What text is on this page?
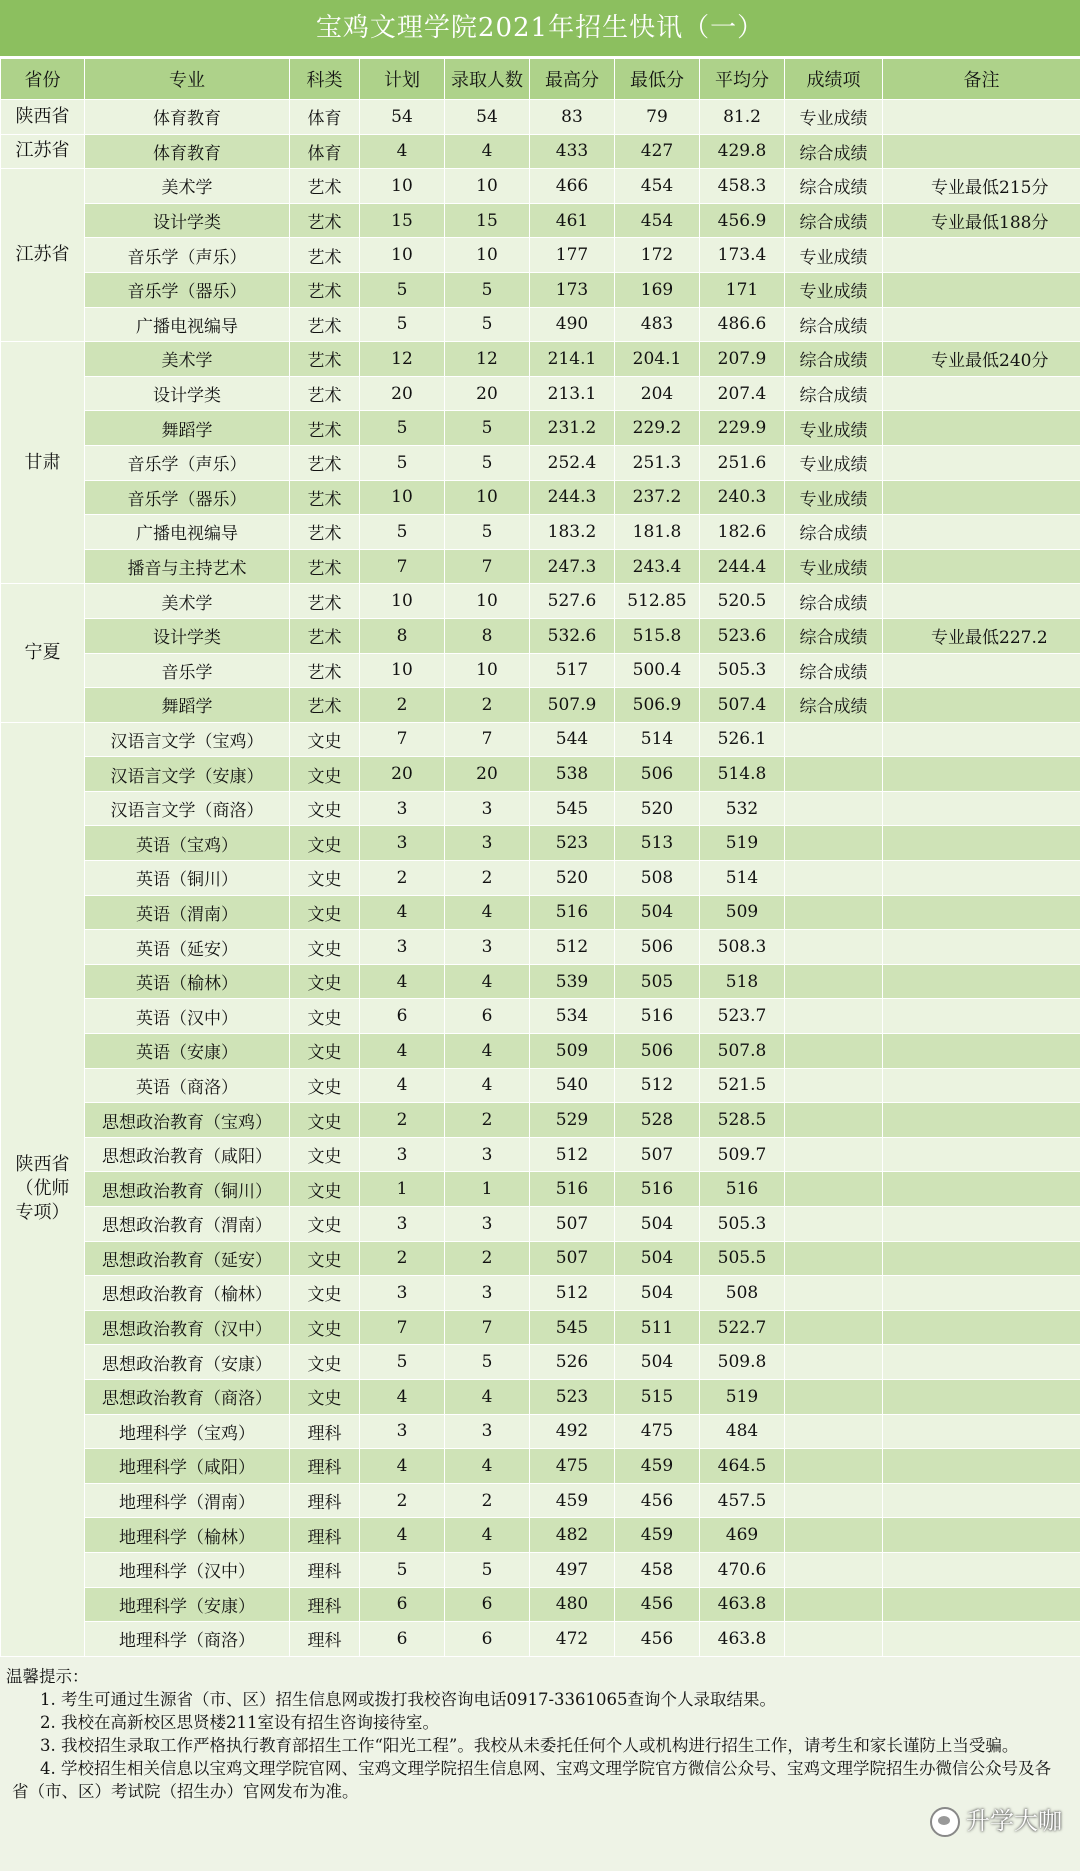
宝鸡文理学院2021年招生快讯（一）
省份	专业	科类	计划	录取人数	最高分	最低分	平均分	成绩项	备注
陕西省	体育教育	体育	54	54	83	79	81.2	专业成绩	
江苏省	体育教育	体育	4	4	433	427	429.8	综合成绩	
江苏省	美术学	艺术	10	10	466	454	458.3	综合成绩	专业最低215分
	设计学类	艺术	15	15	461	454	456.9	综合成绩	专业最低188分
	音乐学（声乐）	艺术	10	10	177	172	173.4	专业成绩	
	音乐学（器乐）	艺术	5	5	173	169	171	专业成绩	
	广播电视编导	艺术	5	5	490	483	486.6	综合成绩	
甘肃	美术学	艺术	12	12	214.1	204.1	207.9	综合成绩	专业最低240分
	设计学类	艺术	20	20	213.1	204	207.4	综合成绩	
	舞蹈学	艺术	5	5	231.2	229.2	229.9	专业成绩	
	音乐学（声乐）	艺术	5	5	252.4	251.3	251.6	专业成绩	
	音乐学（器乐）	艺术	10	10	244.3	237.2	240.3	专业成绩	
	广播电视编导	艺术	5	5	183.2	181.8	182.6	综合成绩	
	播音与主持艺术	艺术	7	7	247.3	243.4	244.4	专业成绩	
宁夏	美术学	艺术	10	10	527.6	512.85	520.5	综合成绩	
	设计学类	艺术	8	8	532.6	515.8	523.6	综合成绩	专业最低227.2
	音乐学	艺术	10	10	517	500.4	505.3	综合成绩	
	舞蹈学	艺术	2	2	507.9	506.9	507.4	综合成绩	
陕西省（优师专项）	汉语言文学（宝鸡）	文史	7	7	544	514	526.1		
	汉语言文学（安康）	文史	20	20	538	506	514.8		
	汉语言文学（商洛）	文史	3	3	545	520	532		
	英语（宝鸡）	文史	3	3	523	513	519		
	英语（铜川）	文史	2	2	520	508	514		
	英语（渭南）	文史	4	4	516	504	509		
	英语（延安）	文史	3	3	512	506	508.3		
	英语（榆林）	文史	4	4	539	505	518		
	英语（汉中）	文史	6	6	534	516	523.7		
	英语（安康）	文史	4	4	509	506	507.8		
	英语（商洛）	文史	4	4	540	512	521.5		
	思想政治教育（宝鸡）	文史	2	2	529	528	528.5		
	思想政治教育（咸阳）	文史	3	3	512	507	509.7		
	思想政治教育（铜川）	文史	1	1	516	516	516		
	思想政治教育（渭南）	文史	3	3	507	504	505.3		
	思想政治教育（延安）	文史	2	2	507	504	505.5		
	思想政治教育（榆林）	文史	3	3	512	504	508		
	思想政治教育（汉中）	文史	7	7	545	511	522.7		
	思想政治教育（安康）	文史	5	5	526	504	509.8		
	思想政治教育（商洛）	文史	4	4	523	515	519		
	地理科学（宝鸡）	理科	3	3	492	475	484		
	地理科学（咸阳）	理科	4	4	475	459	464.5		
	地理科学（渭南）	理科	2	2	459	456	457.5		
	地理科学（榆林）	理科	4	4	482	459	469		
	地理科学（汉中）	理科	5	5	497	458	470.6		
	地理科学（安康）	理科	6	6	480	456	463.8		
	地理科学（商洛）	理科	6	6	472	456	463.8		
温馨提示：
1. 考生可通过生源省（市、区）招生信息网或拨打我校咨询电话0917-3361065查询个人录取结果。
2. 我校在高新校区思贤楼211室设有招生咨询接待室。
3. 我校招生录取工作严格执行教育部招生工作“阳光工程”。我校从未委托任何个人或机构进行招生工作，请考生和家长谨防上当受骗。
4. 学校招生相关信息以宝鸡文理学院官网、宝鸡文理学院招生信息网、宝鸡文理学院官方微信公众号、宝鸡文理学院招生办微信公众号及各省（市、区）考试院（招生办）官网发布为准。
升学大咖
